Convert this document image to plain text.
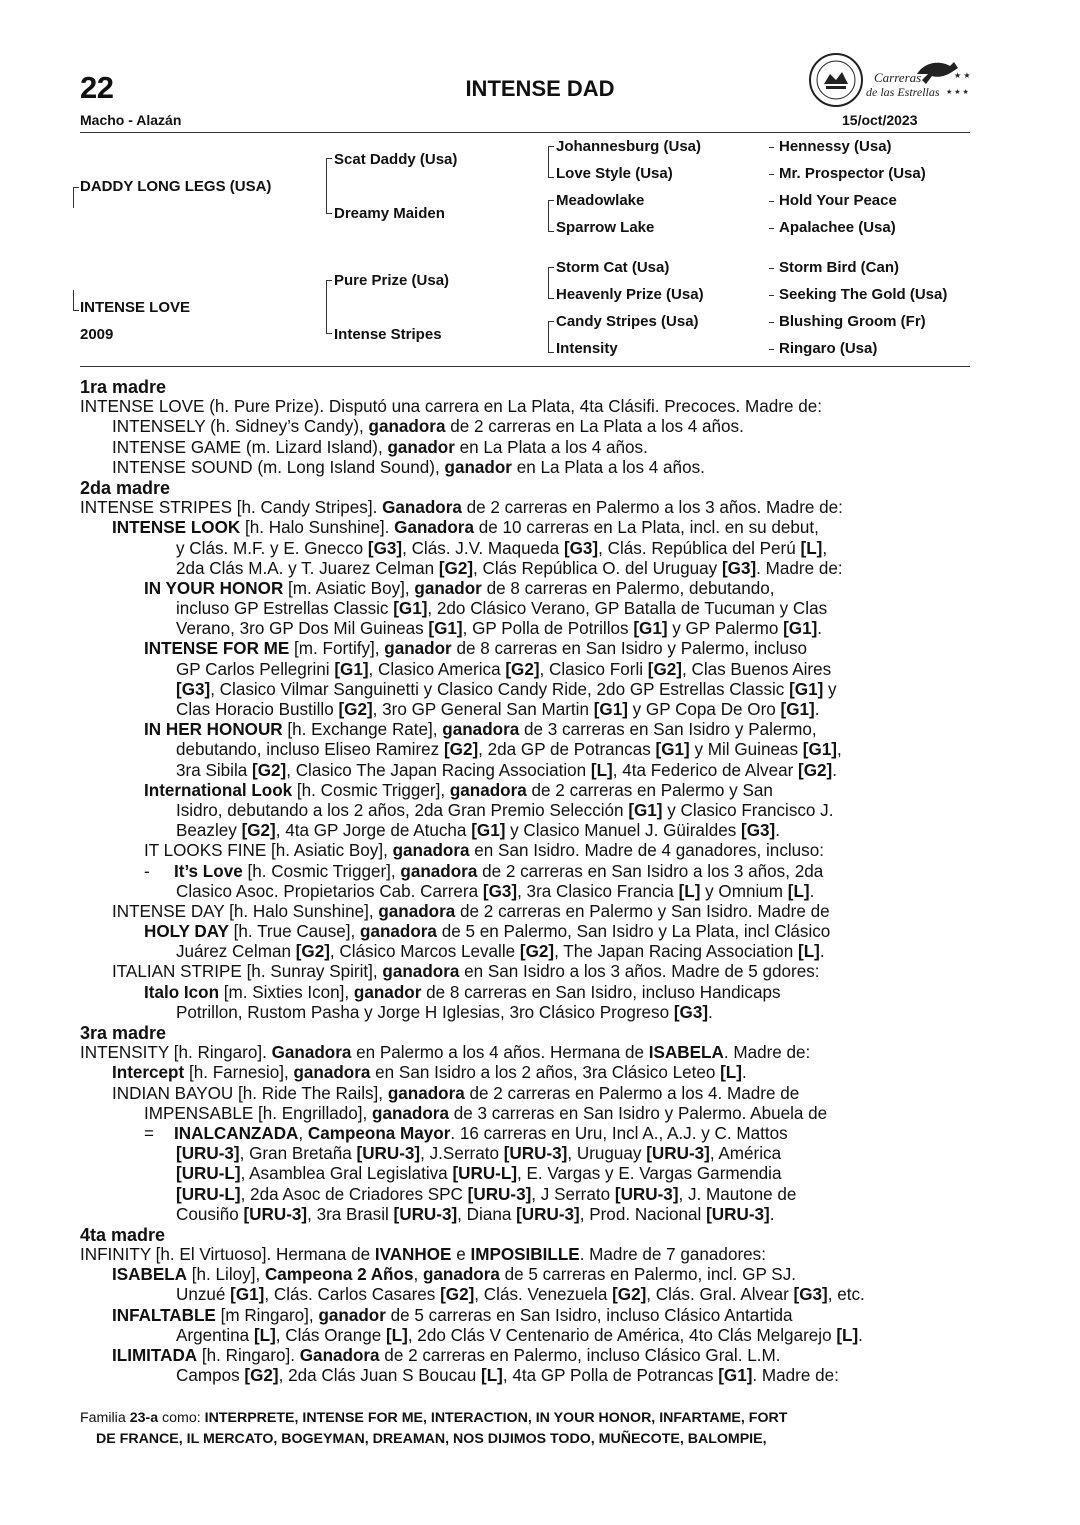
22	INTENSE DAD
Macho - Alazán	15/oct/2023
Carreras
de las Estrellas
★ ★
★ ★ ★
DADDY LONG LEGS (USA)
INTENSE LOVE
2009
Scat Daddy (Usa)
Dreamy Maiden
Pure Prize (Usa)
Intense Stripes
Johannesburg (Usa)
Love Style (Usa)
Meadowlake
Sparrow Lake
Storm Cat (Usa)
Heavenly Prize (Usa)
Candy Stripes (Usa)
Intensity
Hennessy (Usa)
Mr. Prospector (Usa)
Hold Your Peace
Apalachee (Usa)
Storm Bird (Can)
Seeking The Gold (Usa)
Blushing Groom (Fr)
Ringaro (Usa)
1ra madre
INTENSE LOVE (h. Pure Prize). Disputó una carrera en La Plata, 4ta Clásifi. Precoces. Madre de:
INTENSELY (h. Sidney’s Candy), ganadora de 2 carreras en La Plata a los 4 años.
INTENSE GAME (m. Lizard Island), ganador en La Plata a los 4 años.
INTENSE SOUND (m. Long Island Sound), ganador en La Plata a los 4 años.
2da madre
INTENSE STRIPES [h. Candy Stripes]. Ganadora de 2 carreras en Palermo a los 3 años. Madre de:
INTENSE LOOK [h. Halo Sunshine]. Ganadora de 10 carreras en La Plata, incl. en su debut,
y Clás. M.F. y E. Gnecco [G3], Clás. J.V. Maqueda [G3], Clás. República del Perú [L],
2da Clás M.A. y T. Juarez Celman [G2], Clás República O. del Uruguay [G3]. Madre de:
IN YOUR HONOR [m. Asiatic Boy], ganador de 8 carreras en Palermo, debutando,
incluso GP Estrellas Classic [G1], 2do Clásico Verano, GP Batalla de Tucuman y Clas
Verano, 3ro GP Dos Mil Guineas [G1], GP Polla de Potrillos [G1] y GP Palermo [G1].
INTENSE FOR ME [m. Fortify], ganador de 8 carreras en San Isidro y Palermo, incluso
GP Carlos Pellegrini [G1], Clasico America [G2], Clasico Forli [G2], Clas Buenos Aires
[G3], Clasico Vilmar Sanguinetti y Clasico Candy Ride, 2do GP Estrellas Classic [G1] y
Clas Horacio Bustillo [G2], 3ro GP General San Martin [G1] y GP Copa De Oro [G1].
IN HER HONOUR [h. Exchange Rate], ganadora de 3 carreras en San Isidro y Palermo,
debutando, incluso Eliseo Ramirez [G2], 2da GP de Potrancas [G1] y Mil Guineas [G1],
3ra Sibila [G2], Clasico The Japan Racing Association [L], 4ta Federico de Alvear [G2].
International Look [h. Cosmic Trigger], ganadora de 2 carreras en Palermo y San
Isidro, debutando a los 2 años, 2da Gran Premio Selección [G1] y Clasico Francisco J.
Beazley [G2], 4ta GP Jorge de Atucha [G1] y Clasico Manuel J. Güiraldes [G3].
IT LOOKS FINE [h. Asiatic Boy], ganadora en San Isidro. Madre de 4 ganadores, incluso:
- It’s Love [h. Cosmic Trigger], ganadora de 2 carreras en San Isidro a los 3 años, 2da
Clasico Asoc. Propietarios Cab. Carrera [G3], 3ra Clasico Francia [L] y Omnium [L].
INTENSE DAY [h. Halo Sunshine], ganadora de 2 carreras en Palermo y San Isidro. Madre de
HOLY DAY [h. True Cause], ganadora de 5 en Palermo, San Isidro y La Plata, incl Clásico
Juárez Celman [G2], Clásico Marcos Levalle [G2], The Japan Racing Association [L].
ITALIAN STRIPE [h. Sunray Spirit], ganadora en San Isidro a los 3 años. Madre de 5 gdores:
Italo Icon [m. Sixties Icon], ganador de 8 carreras en San Isidro, incluso Handicaps
Potrillon, Rustom Pasha y Jorge H Iglesias, 3ro Clásico Progreso [G3].
3ra madre
INTENSITY [h. Ringaro]. Ganadora en Palermo a los 4 años. Hermana de ISABELA. Madre de:
Intercept [h. Farnesio], ganadora en San Isidro a los 2 años, 3ra Clásico Leteo [L].
INDIAN BAYOU [h. Ride The Rails], ganadora de 2 carreras en Palermo a los 4. Madre de
IMPENSABLE [h. Engrillado], ganadora de 3 carreras en San Isidro y Palermo. Abuela de
= INALCANZADA, Campeona Mayor. 16 carreras en Uru, Incl A., A.J. y C. Mattos
[URU-3], Gran Bretaña [URU-3], J.Serrato [URU-3], Uruguay [URU-3], América
[URU-L], Asamblea Gral Legislativa [URU-L], E. Vargas y E. Vargas Garmendia
[URU-L], 2da Asoc de Criadores SPC [URU-3], J Serrato [URU-3], J. Mautone de
Cousiño [URU-3], 3ra Brasil [URU-3], Diana [URU-3], Prod. Nacional [URU-3].
4ta madre
INFINITY [h. El Virtuoso]. Hermana de IVANHOE e IMPOSIBILLE. Madre de 7 ganadores:
ISABELA [h. Liloy], Campeona 2 Años, ganadora de 5 carreras en Palermo, incl. GP SJ.
Unzué [G1], Clás. Carlos Casares [G2], Clás. Venezuela [G2], Clás. Gral. Alvear [G3], etc.
INFALTABLE [m Ringaro], ganador de 5 carreras en San Isidro, incluso Clásico Antartida
Argentina [L], Clás Orange [L], 2do Clás V Centenario de América, 4to Clás Melgarejo [L].
ILIMITADA [h. Ringaro]. Ganadora de 2 carreras en Palermo, incluso Clásico Gral. L.M.
Campos [G2], 2da Clás Juan S Boucau [L], 4ta GP Polla de Potrancas [G1]. Madre de:
Familia 23-a como: INTERPRETE, INTENSE FOR ME, INTERACTION, IN YOUR HONOR, INFARTAME, FORT
DE FRANCE, IL MERCATO, BOGEYMAN, DREAMAN, NOS DIJIMOS TODO, MUÑECOTE, BALOMPIE,
